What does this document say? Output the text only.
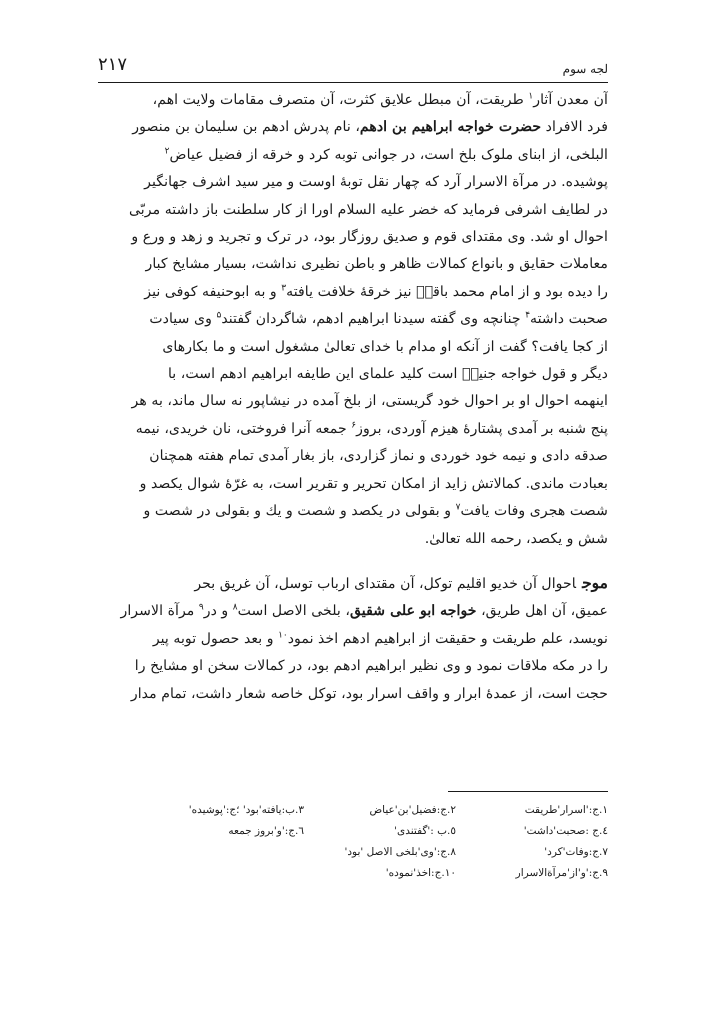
لجه سوم
۲۱۷
آن معدن آثار$^۱$ طریقت، آن مبطل علایق کثرت، آن متصرف مقامات ولایت اهم،
فرد الافراد حضرت خواجه ابراهیم بن ادهم، نام پدرش ادهم بن سلیمان بن منصور
البلخی، از ابنای ملوک بلخ است، در جوانی توبه کرد و خرقه از فضیل عیاض$^۲$
پوشیده. در مرآة الاسرار آرد که چهار نقل توبهٔ اوست و میر سید اشرف جهانگیر
در لطایف اشرفی فرماید که خضر علیه السلام اورا از کار سلطنت باز داشته مربّی
احوال او شد. وی مقتدای قوم و صدیق روزگار بود، در ترک و تجرید و زهد و ورع و
معاملات حقایق و بانواع کمالات ظاهر و باطن نظیری نداشت، بسیار مشایخ کبار
را دیده بود و از امام محمد باقرؒ نیز خرقهٔ خلافت یافته$^۳$ و به ابوحنیفه کوفی نیز
صحبت داشته$^۴$ چنانچه وی گفته سیدنا ابراهیم ادهم، شاگردان گفتند$^۵$ وی سیادت
از کجا یافت؟ گفت از آنکه او مدام با خدای تعالیٰ مشغول است و ما بکارهای
دیگر و قول خواجه جنیدؒ است کلید علمای این طایفه ابراهیم ادهم است، با
اینهمه احوال او بر احوال خود گریستی، از بلخ آمده در نیشاپور نه سال ماند، به هر
پنج شنبه بر آمدی پشتارهٔ هیزم آوردی، بروز$^۶$ جمعه آنرا فروختی، نان خریدی، نیمه
صدقه دادی و نیمه خود خوردی و نماز گزاردی، باز بغار آمدی تمام هفته همچنان
بعبادت ماندی. کمالاتش زاید از امکان تحریر و تقریر است، به غرّهٔ شوال یکصد و
شصت هجری وفات یافت$^۷$ و بقولی در یکصد و شصت و یك و بقولی در شصت و
شش و یکصد، رحمه الله تعالیٰ.
موجاحوال آن خدیو اقلیم توکل، آن مقتدای ارباب توسل، آن غریق بحر
عمیق، آن اهل طریق، خواجه ابو علی شقیق، بلخی الاصل است$^۸$ و در$^۹$ مرآة الاسرار
نویسد، علم طریقت و حقیقت از ابراهیم ادهم اخذ نمود$^{۱۰}$ و بعد حصول توبه پیر
را در مکه ملاقات نمود و وی نظیر ابراهیم ادهم بود، در کمالات سخن او مشایخ را
حجت است، از عمدهٔ ابرار و واقف اسرار بود، توکل خاصه شعار داشت، تمام مدار
۱.ج:'اسرار'طریقت
۲.ج:فضیل'بن'عیاض
۳.ب:یافته'بود' ؛ج:'پوشیده'
٤.ج :صحبت'داشت'
٥.ب :'گفتندی'
٦.ج:'و'بروز جمعه
۷.ج:وفات'کرد'
۸.ج:'وی'بلخی الاصل 'بود'
۹.ج:'و'از'مرآةالاسرار
۱۰.ج:اخذ'نموده'
